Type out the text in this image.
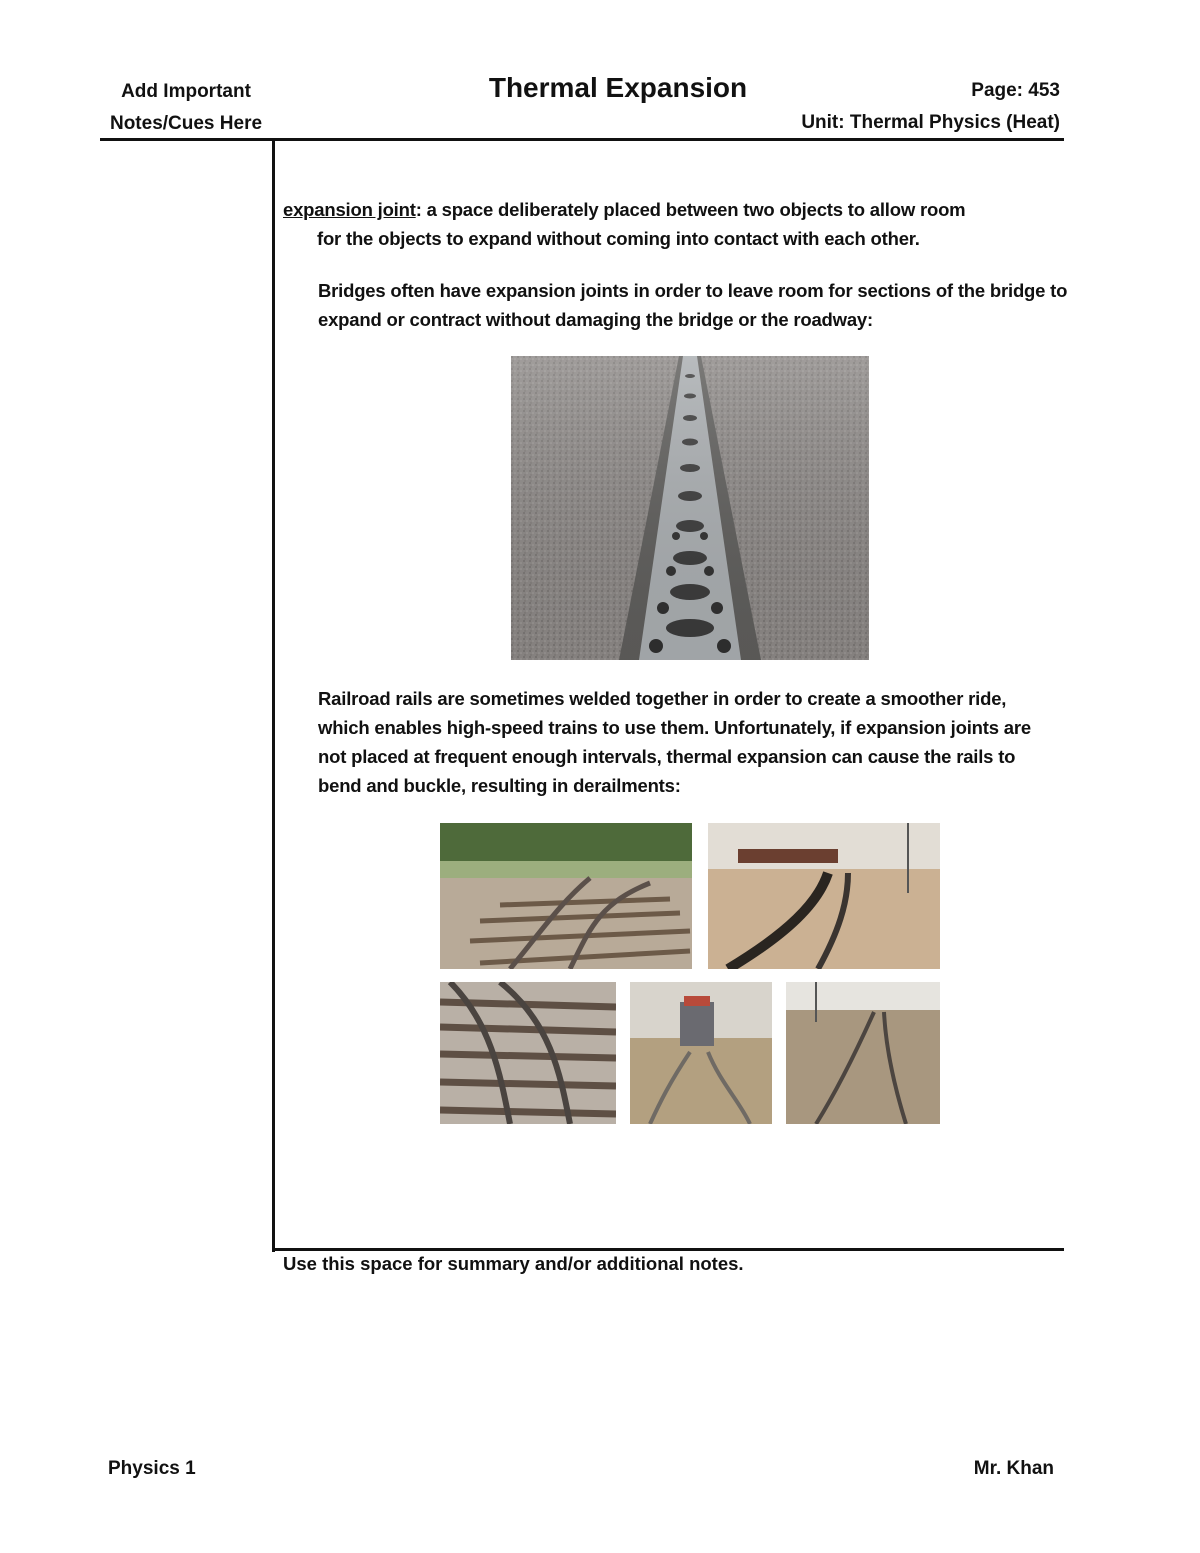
Add Important
Notes/Cues Here
Thermal Expansion	Page: 453
Unit: Thermal Physics (Heat)
expansion joint: a space deliberately placed between two objects to allow room
for the objects to expand without coming into contact with each other.
Bridges often have expansion joints in order to leave room for sections of the bridge to expand or contract without damaging the bridge or the roadway:
Railroad rails are sometimes welded together in order to create a smoother ride, which enables high-speed trains to use them. Unfortunately, if expansion joints are not placed at frequent enough intervals, thermal expansion can cause the rails to bend and buckle, resulting in derailments:
Use this space for summary and/or additional notes.
Physics 1	Mr. Khan
